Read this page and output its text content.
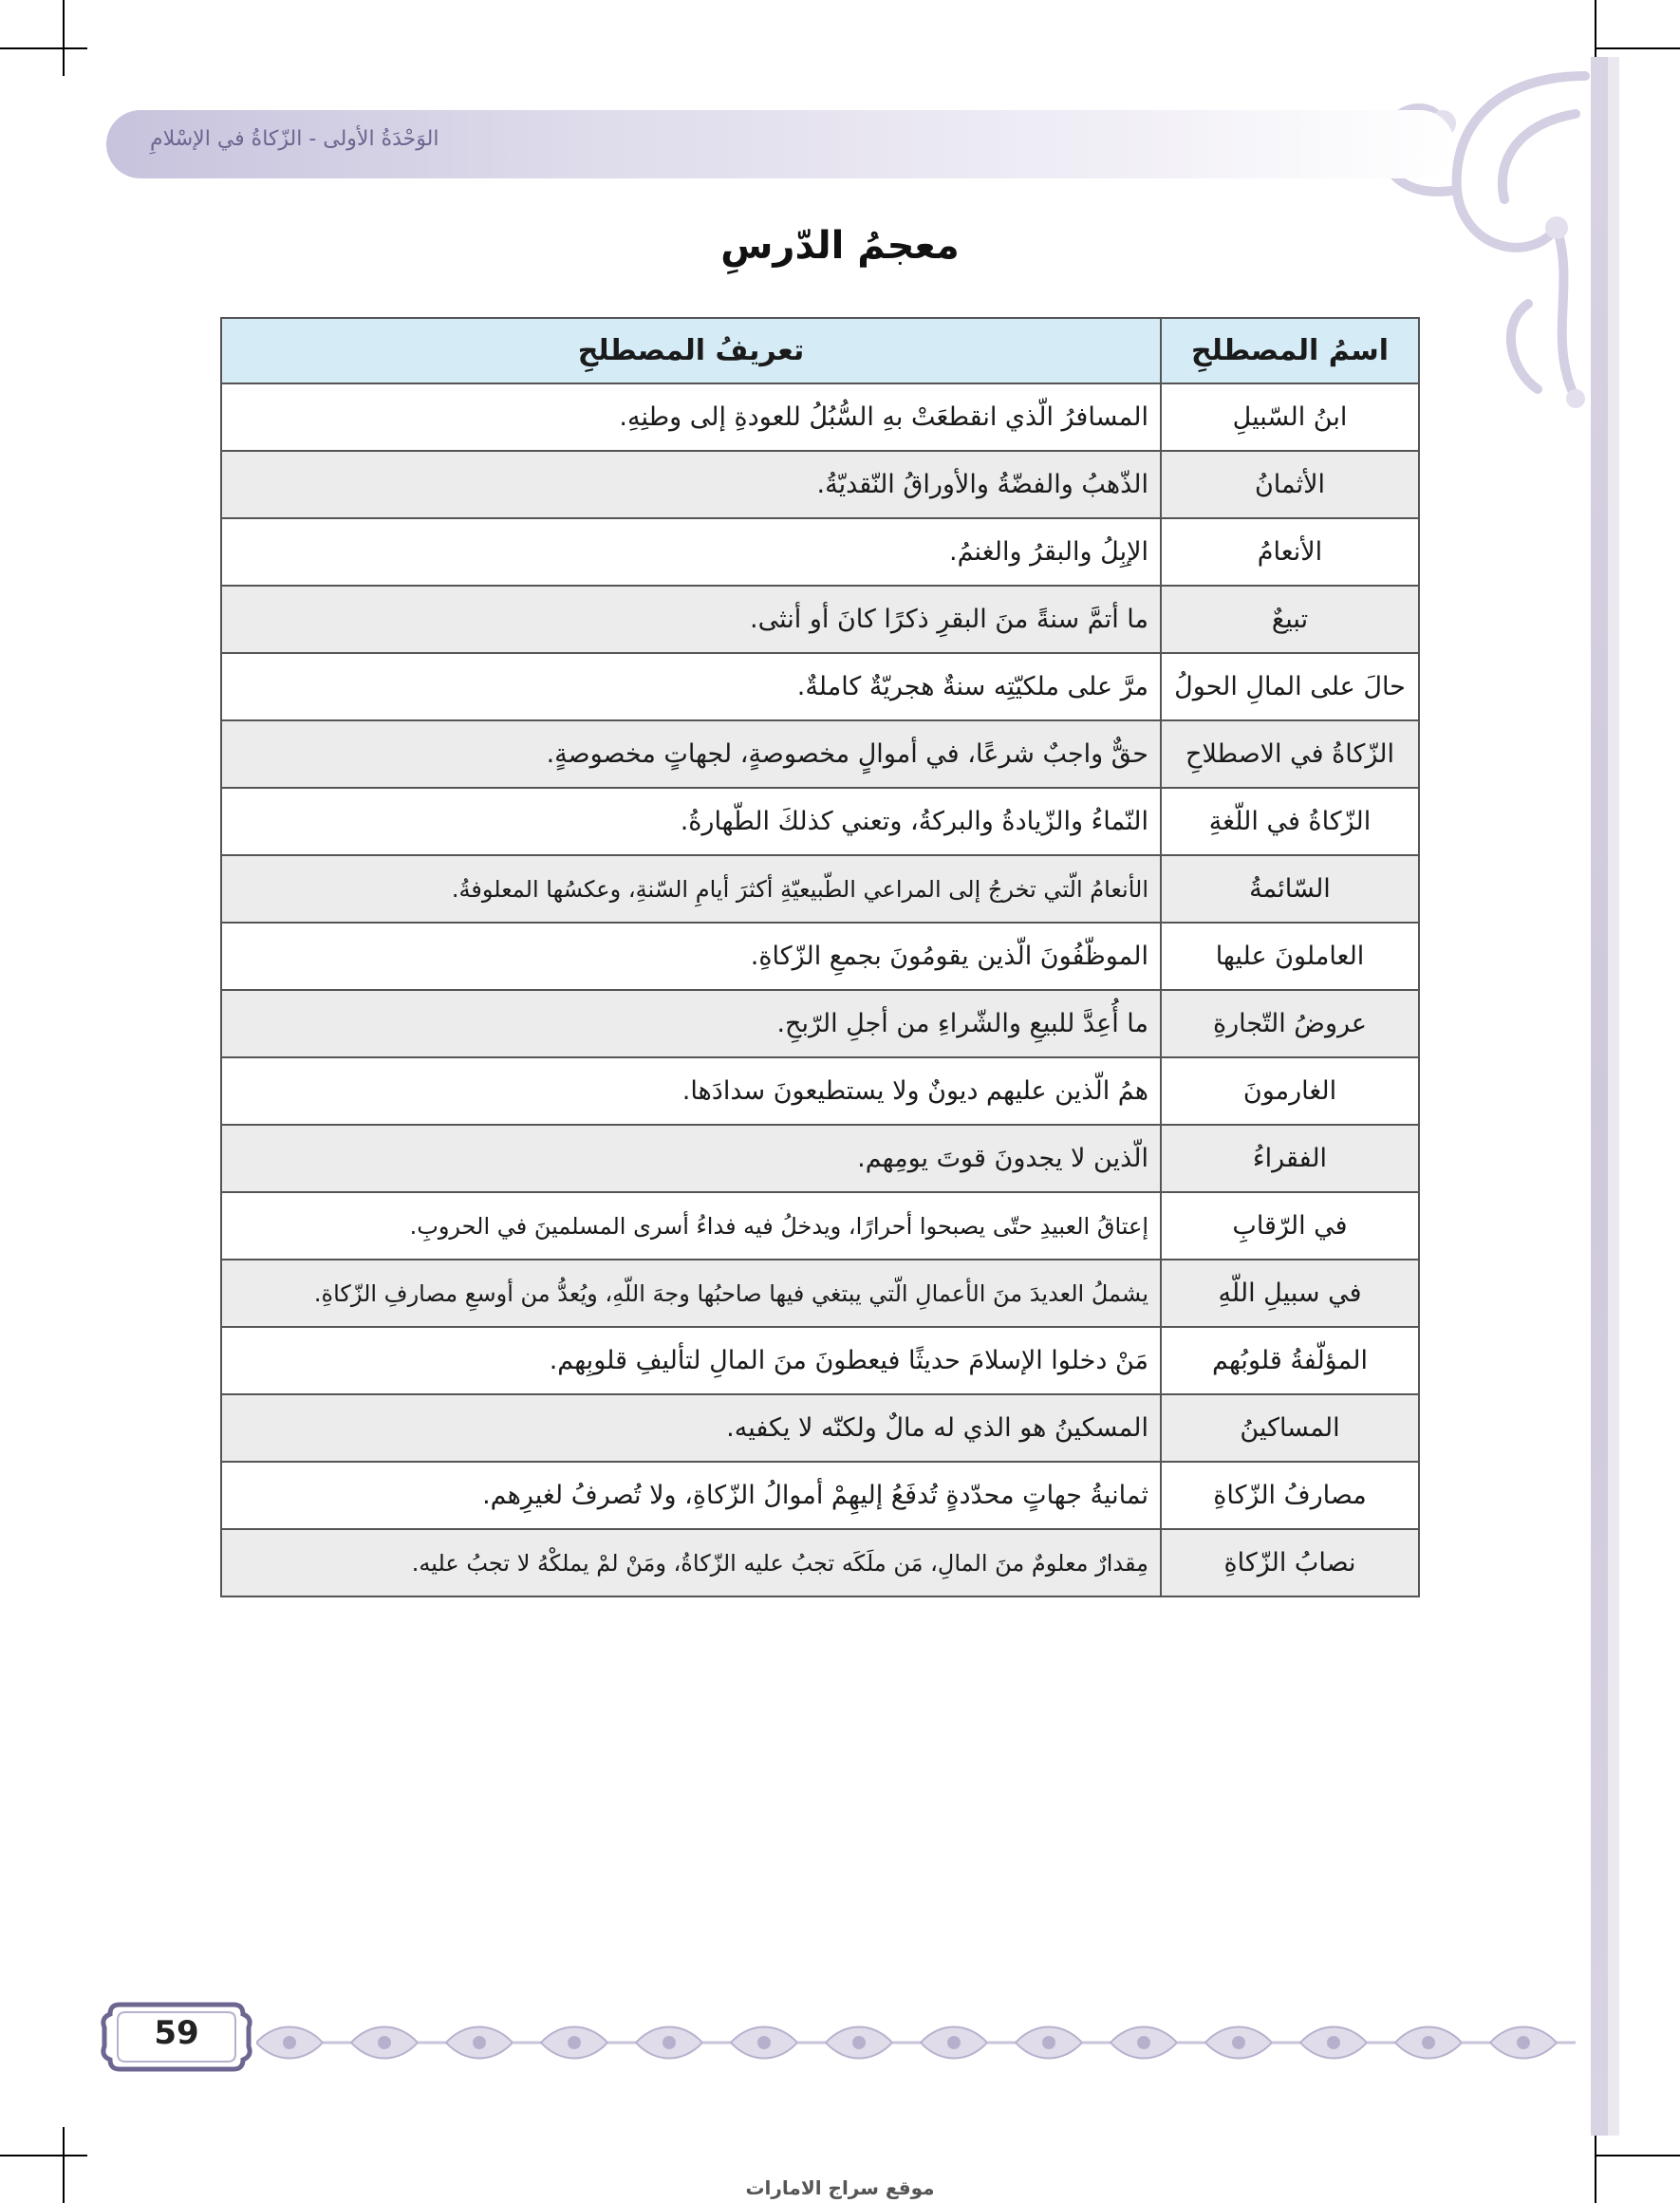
الوَحْدَةُ الأولى - الزّكاةُ في الإسْلامِ
معجمُ الدّرسِ
اسمُ المصطلحِ	تعريفُ المصطلحِ
ابنُ السّبيلِ	المسافرُ الّذي انقطعَتْ بهِ السُّبُلُ للعودةِ إلى وطنِهِ.
الأثمانُ	الذّهبُ والفضّةُ والأوراقُ النّقديّةُ.
الأنعامُ	الإبِلُ والبقرُ والغنمُ.
تبيعٌ	ما أتمَّ سنةً منَ البقرِ ذكرًا كانَ أو أنثى.
حالَ على المالِ الحولُ	مرَّ على ملكيّتِه سنةٌ هجريّةٌ كاملةٌ.
الزّكاةُ في الاصطلاحِ	حقٌّ واجبٌ شرعًا، في أموالٍ مخصوصةٍ، لجهاتٍ مخصوصةٍ.
الزّكاةُ في اللّغةِ	النّماءُ والزّيادةُ والبركةُ، وتعني كذلكَ الطّهارةُ.
السّائمةُ	الأنعامُ الّتي تخرجُ إلى المراعي الطّبيعيّةِ أكثرَ أيامِ السّنةِ، وعكسُها المعلوفةُ.
العاملونَ عليها	الموظّفُونَ الّذين يقومُونَ بجمعِ الزّكاةِ.
عروضُ التّجارةِ	ما أُعِدَّ للبيعِ والشّراءِ من أجلِ الرّبحِ.
الغارمونَ	همُ الّذين عليهم ديونٌ ولا يستطيعونَ سدادَها.
الفقراءُ	الّذين لا يجدونَ قوتَ يومِهم.
في الرّقابِ	إعتاقُ العبيدِ حتّى يصبحوا أحرارًا، ويدخلُ فيه فداءُ أسرى المسلمينَ في الحروبِ.
في سبيلِ اللّهِ	يشملُ العديدَ منَ الأعمالِ الّتي يبتغي فيها صاحبُها وجهَ اللّهِ، ويُعدُّ من أوسعِ مصارفِ الزّكاةِ.
المؤلّفةُ قلوبُهم	مَنْ دخلوا الإسلامَ حديثًا فيعطونَ منَ المالِ لتأليفِ قلوبِهم.
المساكينُ	المسكينُ هو الذي له مالٌ ولكنّه لا يكفيه.
مصارفُ الزّكاةِ	ثمانيةُ جهاتٍ محدّدةٍ تُدفَعُ إليهِمْ أموالُ الزّكاةِ، ولا تُصرفُ لغيرِهم.
نصابُ الزّكاةِ	مِقدارٌ معلومٌ منَ المالِ، مَن ملَكَه تجبُ عليه الزّكاةُ، ومَنْ لمْ يملكْهُ لا تجبُ عليه.
59
موقع سراج الامارات
